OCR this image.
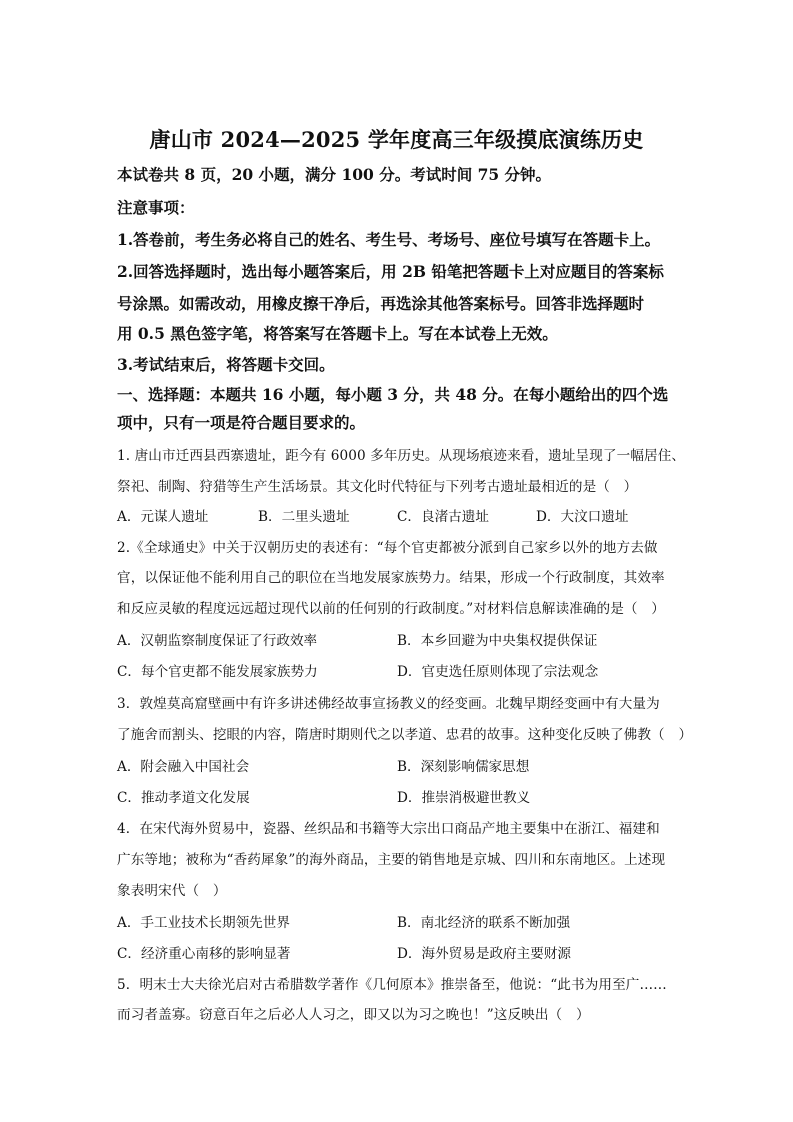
唐山市 2024—2025 学年度高三年级摸底演练历史
本试卷共 8 页，20 小题，满分 100 分。考试时间 75 分钟。
注意事项：
1.答卷前，考生务必将自己的姓名、考生号、考场号、座位号填写在答题卡上。
2.回答选择题时，选出每小题答案后，用 2B 铅笔把答题卡上对应题目的答案标
号涂黑。如需改动，用橡皮擦干净后，再选涂其他答案标号。回答非选择题时
用 0.5 黑色签字笔，将答案写在答题卡上。写在本试卷上无效。
3.考试结束后，将答题卡交回。
一、选择题：本题共 16 小题，每小题 3 分，共 48 分。在每小题给出的四个选
项中，只有一项是符合题目要求的。
1. 唐山市迁西县西寨遗址，距今有 6000 多年历史。从现场痕迹来看，遗址呈现了一幅居住、
祭祀、制陶、狩猎等生产生活场景。其文化时代特征与下列考古遗址最相近的是（　）
A．元谋人遗址	B．二里头遗址	C．良渚古遗址	D．大汶口遗址
2.《全球通史》中关于汉朝历史的表述有：“每个官吏都被分派到自己家乡以外的地方去做
官，以保证他不能利用自己的职位在当地发展家族势力。结果，形成一个行政制度，其效率
和反应灵敏的程度远远超过现代以前的任何别的行政制度。”对材料信息解读准确的是（　）
A．汉朝监察制度保证了行政效率	B．本乡回避为中央集权提供保证
C．每个官吏都不能发展家族势力	D．官吏选任原则体现了宗法观念
3．敦煌莫高窟壁画中有许多讲述佛经故事宣扬教义的经变画。北魏早期经变画中有大量为
了施舍而割头、挖眼的内容，隋唐时期则代之以孝道、忠君的故事。这种变化反映了佛教（　）
A．附会融入中国社会	B．深刻影响儒家思想
C．推动孝道文化发展	D．推崇消极避世教义
4．在宋代海外贸易中，瓷器、丝织品和书籍等大宗出口商品产地主要集中在浙江、福建和
广东等地；被称为“香药犀象”的海外商品，主要的销售地是京城、四川和东南地区。上述现
象表明宋代（　）
A．手工业技术长期领先世界	B．南北经济的联系不断加强
C．经济重心南移的影响显著	D．海外贸易是政府主要财源
5．明末士大夫徐光启对古希腊数学著作《几何原本》推崇备至，他说：“此书为用至广……
而习者盖寡。窃意百年之后必人人习之，即又以为习之晚也！”这反映出（　）
